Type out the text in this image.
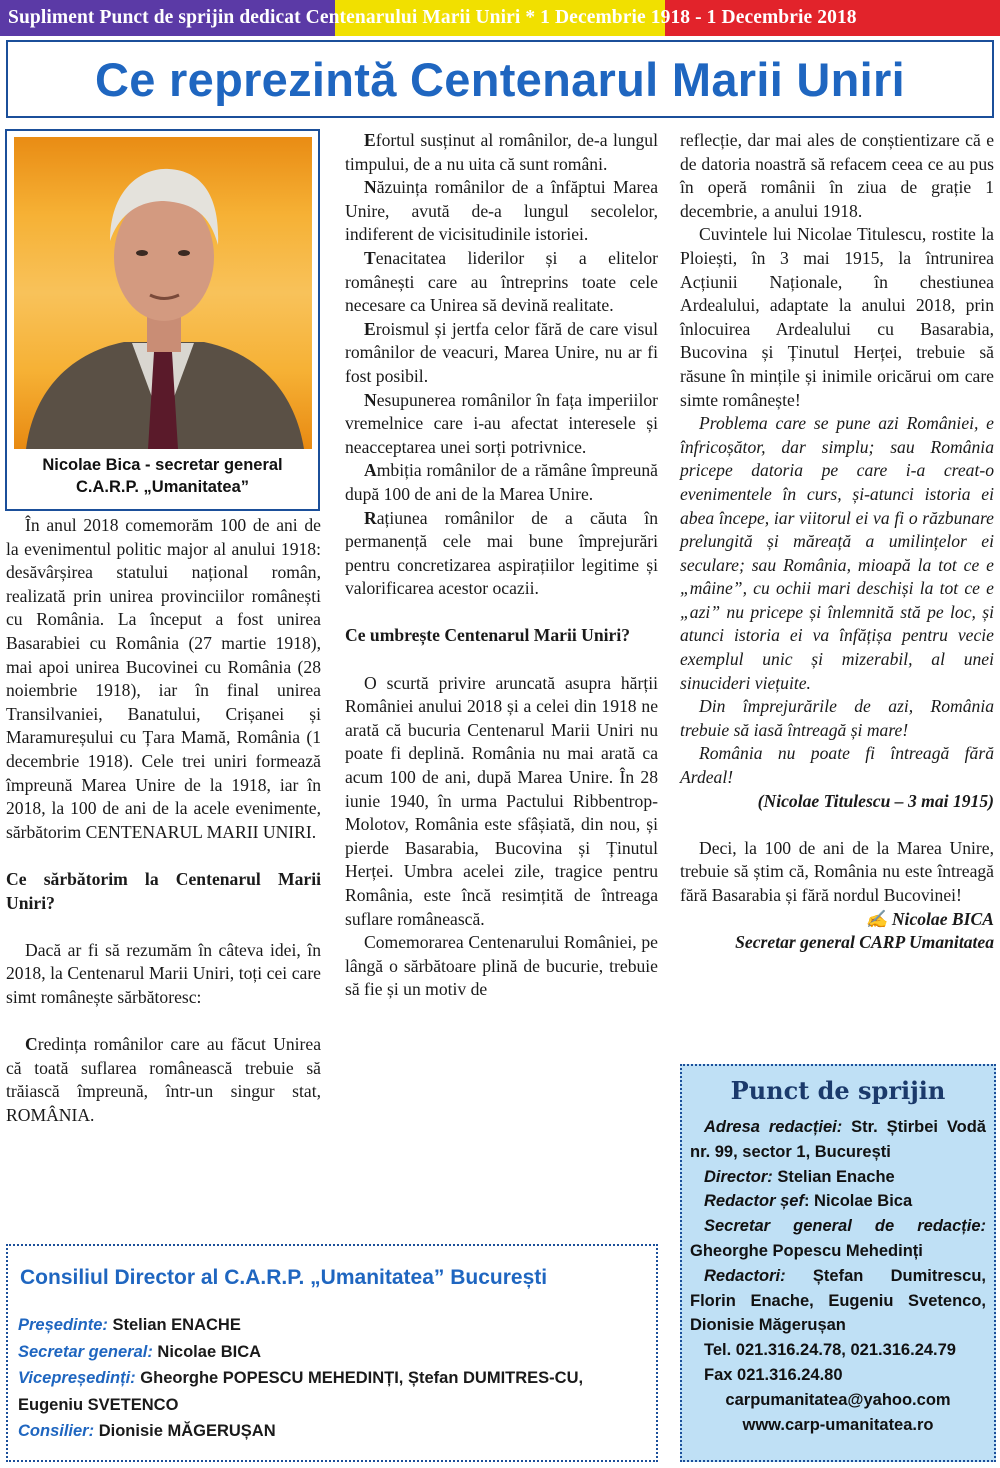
Supliment Punct de sprijin dedicat Centenarului Marii Uniri * 1 Decembrie 1918 - 1 Decembrie 2018
Ce reprezintă Centenarul Marii Uniri
Nicolae Bica - secretar general
C.A.R.P. „Umanitatea”

În anul 2018 comemorăm 100 de ani de la evenimentul politic major al anului 1918: desăvârșirea statului național român, realizată prin unirea provinciilor românești cu România. La început a fost unirea Basarabiei cu România (27 martie 1918), mai apoi unirea Bucovinei cu România (28 noiembrie 1918), iar în final unirea Transilvaniei, Banatului, Crișanei și Maramureșului cu Țara Mamă, România (1 decembrie 1918). Cele trei uniri formează împreună Marea Unire de la 1918, iar în 2018, la 100 de ani de la acele evenimente, sărbătorim CENTENARUL MARII UNIRI.

Ce sărbătorim la Centenarul Marii Uniri?

Dacă ar fi să rezumăm în câteva idei, în 2018, la Centenarul Marii Uniri, toți cei care simt românește sărbătoresc:

Credința românilor care au făcut Unirea că toată suflarea românească trebuie să trăiască împreună, într-un singur stat, ROMÂNIA.

Efortul susținut al românilor, de-a lungul timpului, de a nu uita că sunt români.

Năzuința românilor de a înfăptui Marea Unire, avută de-a lungul secolelor, indiferent de vicisitudinile istoriei.

Tenacitatea liderilor și a elitelor românești care au întreprins toate cele necesare ca Unirea să devină realitate.

Eroismul și jertfa celor fără de care visul românilor de veacuri, Marea Unire, nu ar fi fost posibil.

Nesupunerea românilor în fața imperiilor vremelnice care i-au afectat interesele și neacceptarea unei sorți potrivnice.

Ambiția românilor de a rămâne împreună după 100 de ani de la Marea Unire.

Rațiunea românilor de a căuta în permanență cele mai bune împrejurări pentru concretizarea aspirațiilor legitime și valorificarea acestor ocazii.

Ce umbrește Centenarul Marii Uniri?

O scurtă privire aruncată asupra hărții României anului 2018 și a celei din 1918 ne arată că bucuria Centenarul Marii Uniri nu poate fi deplină. România nu mai arată ca acum 100 de ani, după Marea Unire. În 28 iunie 1940, în urma Pactului Ribbentrop-Molotov, România este sfâșiată, din nou, și pierde Basarabia, Bucovina și Ținutul Herței. Umbra acelei zile, tragice pentru România, este încă resimțită de întreaga suflare românească.

Comemorarea Centenarului României, pe lângă o sărbătoare plină de bucurie, trebuie să fie și un motiv de

reflecție, dar mai ales de conștientizare că e de datoria noastră să refacem ceea ce au pus în operă românii în ziua de grație 1 decembrie, a anului 1918.

Cuvintele lui Nicolae Titulescu, rostite la Ploiești, în 3 mai 1915, la întrunirea Acțiunii Naționale, în chestiunea Ardealului, adaptate la anului 2018, prin înlocuirea Ardealului cu Basarabia, Bucovina și Ținutul Herței, trebuie să răsune în mințile și inimile oricărui om care simte românește!

Problema care se pune azi României, e înfricoșător, dar simplu; sau România pricepe datoria pe care i-a creat-o evenimentele în curs, și-atunci istoria ei abea începe, iar viitorul ei va fi o răzbunare prelungită și măreață a umilințelor ei seculare; sau România, mioapă la tot ce e „mâine”, cu ochii mari deschiși la tot ce e „azi” nu pricepe și înlemnită stă pe loc, și atunci istoria ei va înfățișa pentru vecie exemplul unic și mizerabil, al unei sinucideri viețuite.

Din împrejurările de azi, România trebuie să iasă întreagă și mare!

România nu poate fi întreagă fără Ardeal!

(Nicolae Titulescu – 3 mai 1915)

Deci, la 100 de ani de la Marea Unire, trebuie să știm că, România nu este întreagă fără Basarabia și fără nordul Bucovinei!

✍ Nicolae BICA

Secretar general CARP Umanitatea

Consiliul Director al C.A.R.P. „Umanitatea” București
Președinte: Stelian ENACHE
Secretar general: Nicolae BICA
Vicepreședinți: Gheorghe POPESCU MEHEDINȚI, Ștefan DUMITRES-CU, Eugeniu SVETENCO
Consilier: Dionisie MĂGERUȘAN
Punct de sprijin
Adresa redacției: Str. Știrbei Vodă nr. 99, sector 1, București
Director: Stelian Enache
Redactor șef: Nicolae Bica
Secretar general de redacție: Gheorghe Popescu Mehedinți
Redactori: Ștefan Dumitrescu, Florin Enache, Eugeniu Svetenco, Dionisie Măgerușan
Tel. 021.316.24.78, 021.316.24.79
Fax 021.316.24.80
carpumanitatea@yahoo.com
www.carp-umanitatea.ro
